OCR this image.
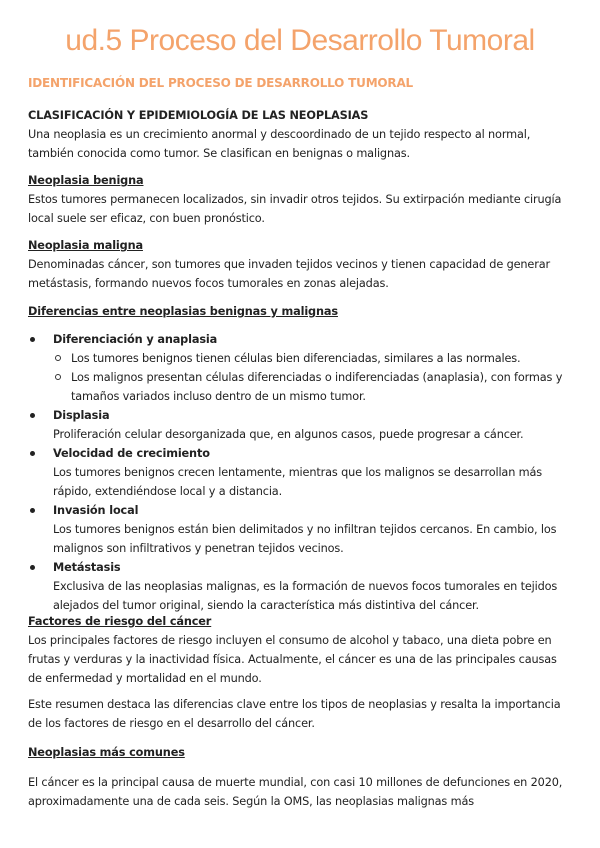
ud.5 Proceso del Desarrollo Tumoral
IDENTIFICACIÓN DEL PROCESO DE DESARROLLO TUMORAL
CLASIFICACIÓN Y EPIDEMIOLOGÍA DE LAS NEOPLASIAS

Una neoplasia es un crecimiento anormal y descoordinado de un tejido respecto al normal, también conocida como tumor. Se clasifican en benignas o malignas.

Neoplasia benigna

Estos tumores permanecen localizados, sin invadir otros tejidos. Su extirpación mediante cirugía local suele ser eficaz, con buen pronóstico.

Neoplasia maligna

Denominadas cáncer, son tumores que invaden tejidos vecinos y tienen capacidad de generar metástasis, formando nuevos focos tumorales en zonas alejadas.

Diferencias entre neoplasias benignas y malignas
Diferenciación y anaplasia
Los tumores benignos tienen células bien diferenciadas, similares a las normales.
Los malignos presentan células diferenciadas o indiferenciadas (anaplasia), con formas y tamaños variados incluso dentro de un mismo tumor.
Displasia

Proliferación celular desorganizada que, en algunos casos, puede progresar a cáncer.

Velocidad de crecimiento

Los tumores benignos crecen lentamente, mientras que los malignos se desarrollan más rápido, extendiéndose local y a distancia.

Invasión local

Los tumores benignos están bien delimitados y no infiltran tejidos cercanos. En cambio, los malignos son infiltrativos y penetran tejidos vecinos.

Metástasis

Exclusiva de las neoplasias malignas, es la formación de nuevos focos tumorales en tejidos alejados del tumor original, siendo la característica más distintiva del cáncer.

Factores de riesgo del cáncer

Los principales factores de riesgo incluyen el consumo de alcohol y tabaco, una dieta pobre en frutas y verduras y la inactividad física. Actualmente, el cáncer es una de las principales causas de enfermedad y mortalidad en el mundo.

Este resumen destaca las diferencias clave entre los tipos de neoplasias y resalta la importancia de los factores de riesgo en el desarrollo del cáncer.

Neoplasias más comunes

El cáncer es la principal causa de muerte mundial, con casi 10 millones de defunciones en 2020, aproximadamente una de cada seis. Según la OMS, las neoplasias malignas más
